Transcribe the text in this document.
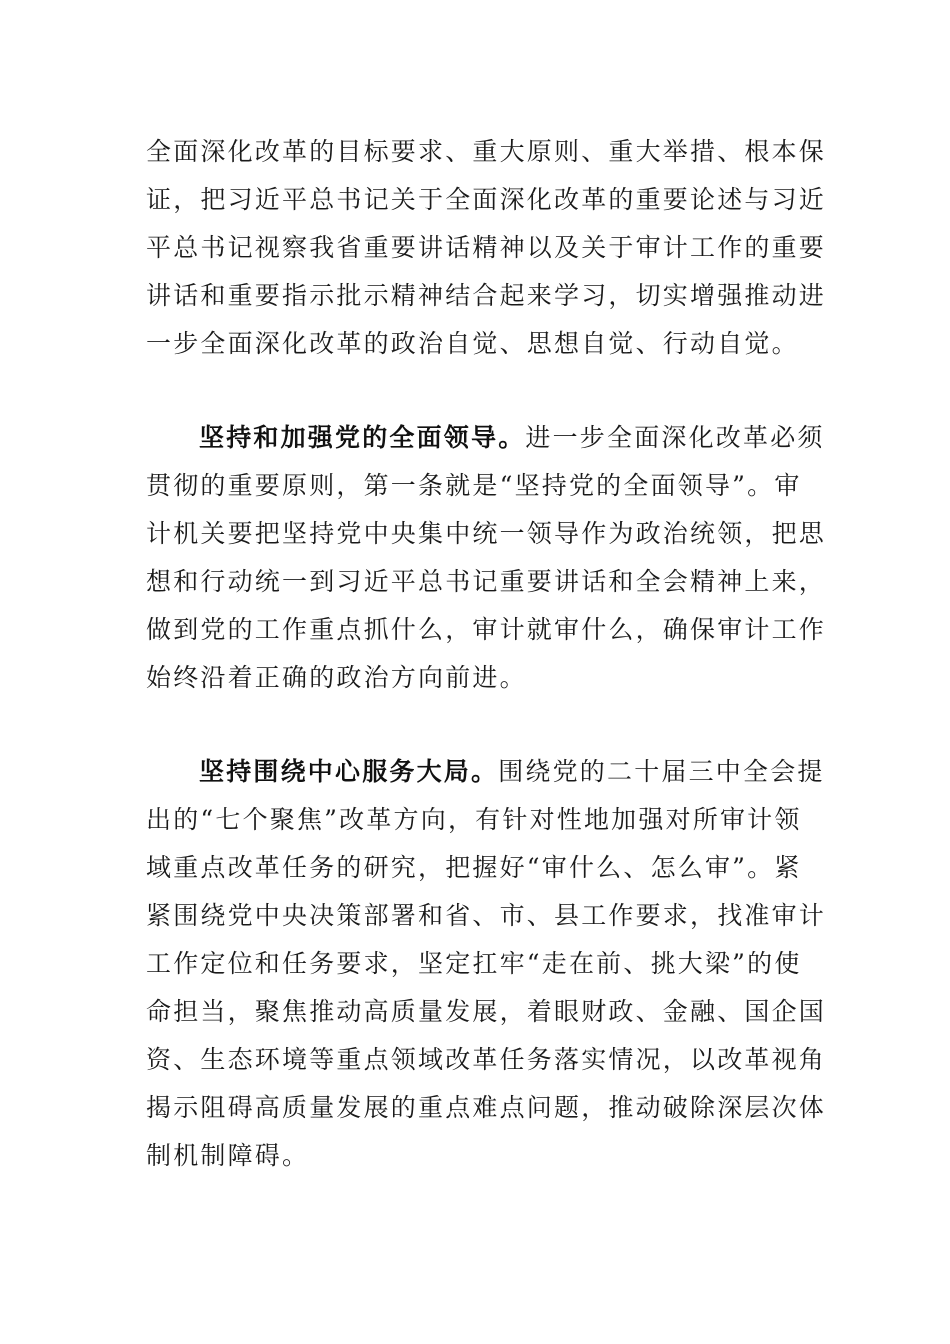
全面深化改革的目标要求、重大原则、重大举措、根本保
证，把习近平总书记关于全面深化改革的重要论述与习近
平总书记视察我省重要讲话精神以及关于审计工作的重要
讲话和重要指示批示精神结合起来学习，切实增强推动进
一步全面深化改革的政治自觉、思想自觉、行动自觉。
坚持和加强党的全面领导。进一步全面深化改革必须
贯彻的重要原则，第一条就是“坚持党的全面领导”。审
计机关要把坚持党中央集中统一领导作为政治统领，把思
想和行动统一到习近平总书记重要讲话和全会精神上来，
做到党的工作重点抓什么，审计就审什么，确保审计工作
始终沿着正确的政治方向前进。
坚持围绕中心服务大局。围绕党的二十届三中全会提
出的“七个聚焦”改革方向，有针对性地加强对所审计领
域重点改革任务的研究，把握好“审什么、怎么审”。紧
紧围绕党中央决策部署和省、市、县工作要求，找准审计
工作定位和任务要求，坚定扛牢“走在前、挑大梁”的使
命担当，聚焦推动高质量发展，着眼财政、金融、国企国
资、生态环境等重点领域改革任务落实情况，以改革视角
揭示阻碍高质量发展的重点难点问题，推动破除深层次体
制机制障碍。
